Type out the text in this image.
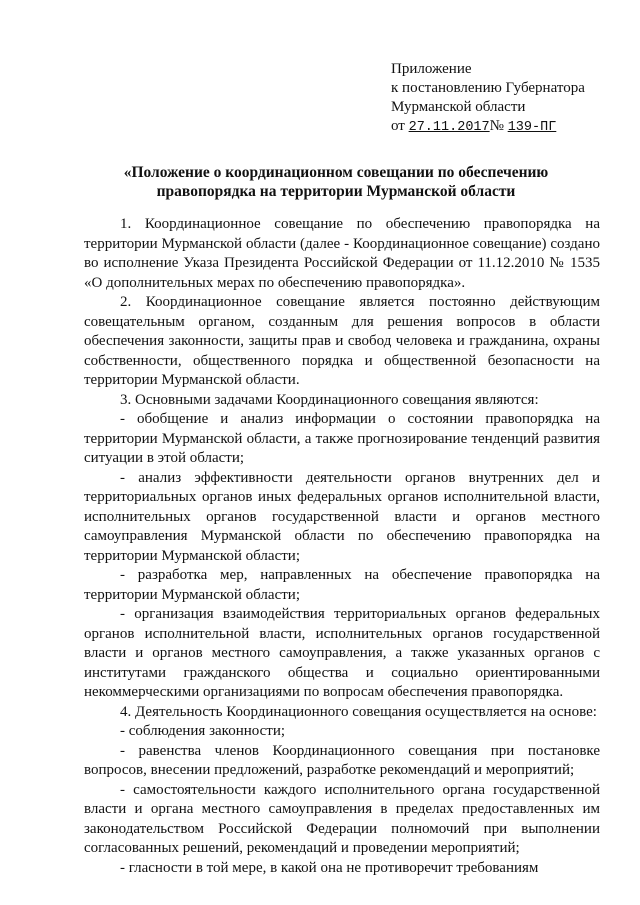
Приложение
к постановлению Губернатора
Мурманской области
от 27.11.2017№ 139-ПГ
«Положение о координационном совещании по обеспечению правопорядка на территории Мурманской области

1. Координационное совещание по обеспечению правопорядка на территории Мурманской области (далее - Координационное совещание) создано во исполнение Указа Президента Российской Федерации от 11.12.2010 № 1535 «О дополнительных мерах по обеспечению правопорядка».

2. Координационное совещание является постоянно действующим совещательным органом, созданным для решения вопросов в области обеспечения законности, защиты прав и свобод человека и гражданина, охраны собственности, общественного порядка и общественной безопасности на территории Мурманской области.

3. Основными задачами Координационного совещания являются:

- обобщение и анализ информации о состоянии правопорядка на территории Мурманской области, а также прогнозирование тенденций развития ситуации в этой области;

- анализ эффективности деятельности органов внутренних дел и территориальных органов иных федеральных органов исполнительной власти, исполнительных органов государственной власти и органов местного самоуправления Мурманской области по обеспечению правопорядка на территории Мурманской области;

- разработка мер, направленных на обеспечение правопорядка на территории Мурманской области;

- организация взаимодействия территориальных органов федеральных органов исполнительной власти, исполнительных органов государственной власти и органов местного самоуправления, а также указанных органов с институтами гражданского общества и социально ориентированными некоммерческими организациями по вопросам обеспечения правопорядка.

4. Деятельность Координационного совещания осуществляется на основе:

- соблюдения законности;

- равенства членов Координационного совещания при постановке вопросов, внесении предложений, разработке рекомендаций и мероприятий;

- самостоятельности каждого исполнительного органа государственной власти и органа местного самоуправления в пределах предоставленных им законодательством Российской Федерации полномочий при выполнении согласованных решений, рекомендаций и проведении мероприятий;

- гласности в той мере, в какой она не противоречит требованиям
